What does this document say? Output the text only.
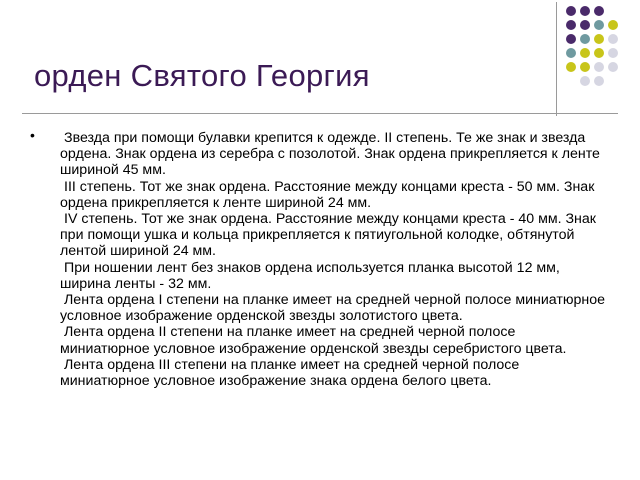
орден Святого Георгия
• Звезда при помощи булавки крепится к одежде. II степень. Те же знак и звезда ордена. Знак ордена из серебра с позолотой. Знак ордена прикрепляется к ленте шириной 45 мм.
III степень. Тот же знак ордена. Расстояние между концами креста - 50 мм. Знак ордена прикрепляется к ленте шириной 24 мм.
IV степень. Тот же знак ордена. Расстояние между концами креста - 40 мм. Знак при помощи ушка и кольца прикрепляется к пятиугольной колодке, обтянутой лентой шириной 24 мм.
При ношении лент без знаков ордена используется планка высотой 12 мм, ширина ленты - 32 мм.
Лента ордена I степени на планке имеет на средней черной полосе миниатюрное условное изображение орденской звезды золотистого цвета.
Лента ордена II степени на планке имеет на средней черной полосе миниатюрное условное изображение орденской звезды серебристого цвета.
Лента ордена III степени на планке имеет на средней черной полосе миниатюрное условное изображение знака ордена белого цвета.
